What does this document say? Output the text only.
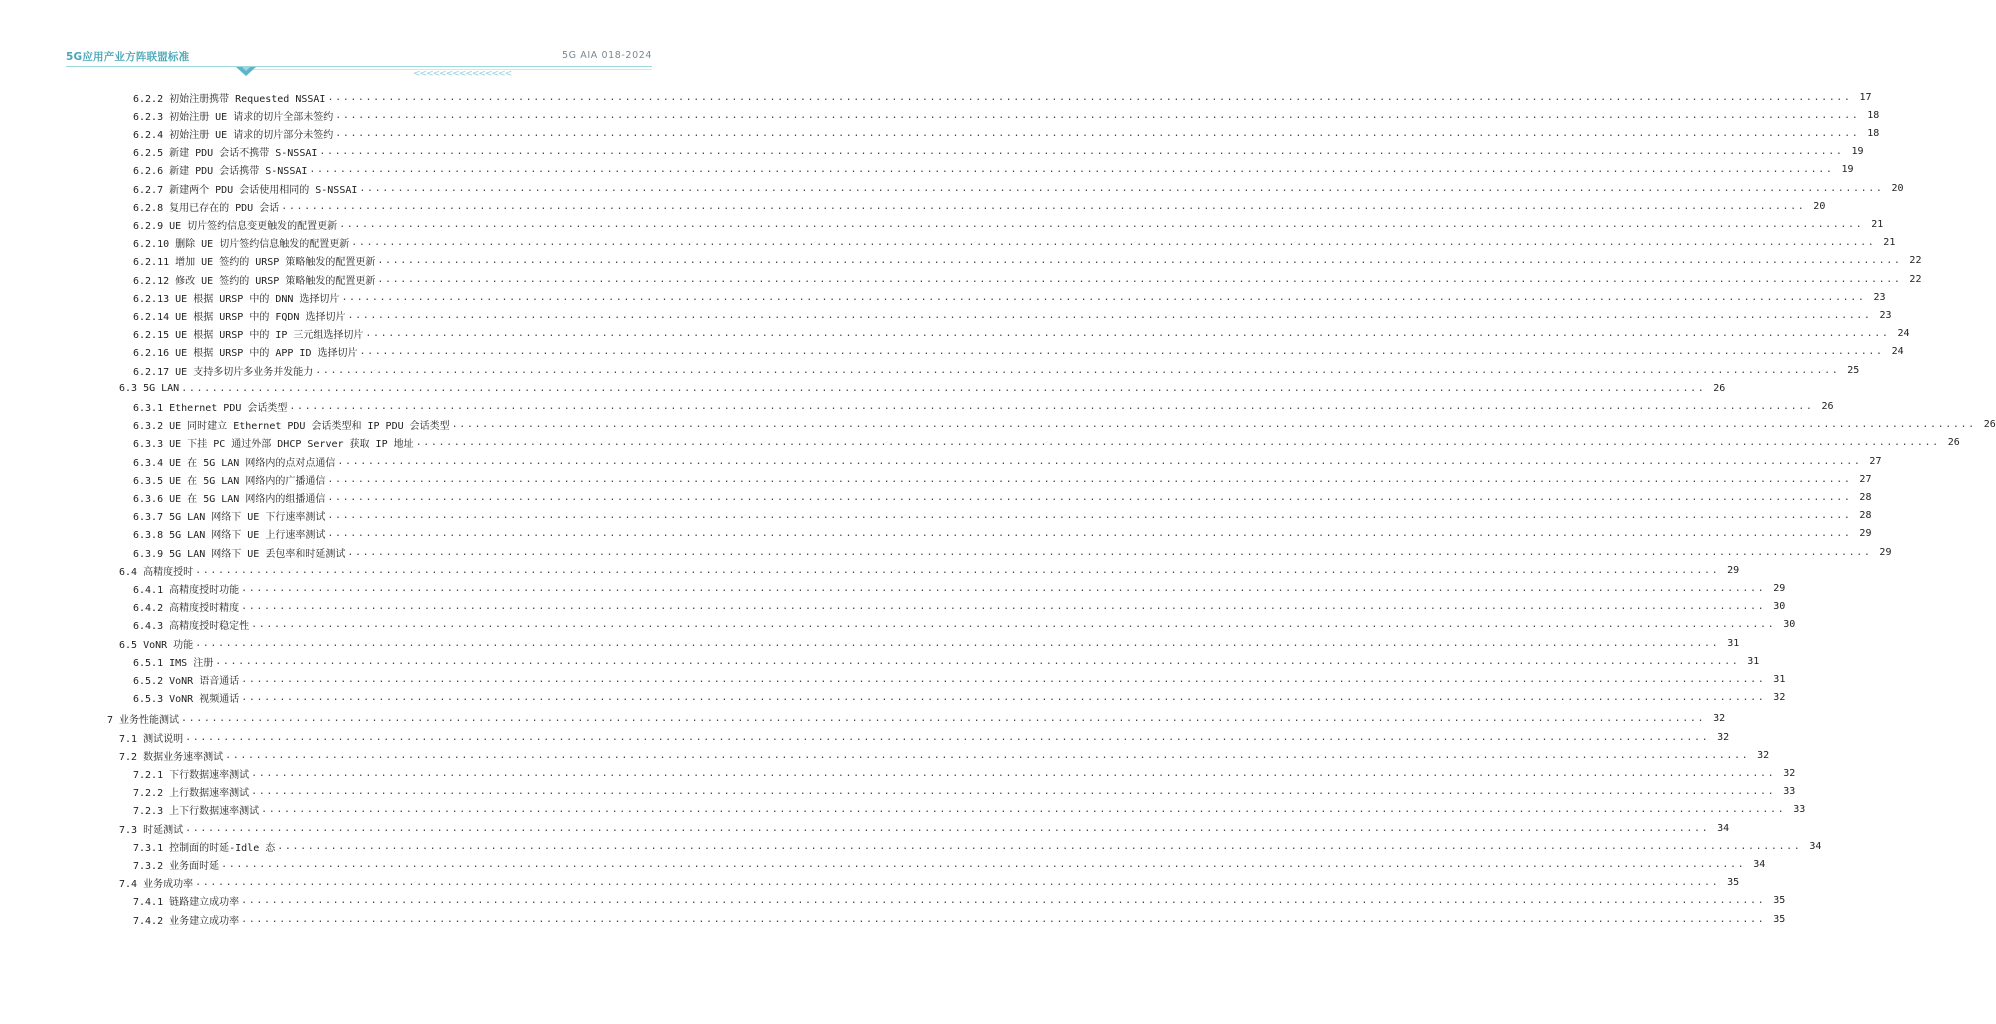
5G应用产业方阵联盟标准	5G AIA 018-2024
<<<<<<<<<<<<<<<
6.2.2 初始注册携带 Requested NSSAI ........................................................................................................................................................................................................ 17
6.2.3 初始注册 UE 请求的切片全部未签约 ........................................................................................................................................................................................................ 18
6.2.4 初始注册 UE 请求的切片部分未签约 ........................................................................................................................................................................................................ 18
6.2.5 新建 PDU 会话不携带 S-NSSAI ........................................................................................................................................................................................................ 19
6.2.6 新建 PDU 会话携带 S-NSSAI ........................................................................................................................................................................................................ 19
6.2.7 新建两个 PDU 会话使用相同的 S-NSSAI ........................................................................................................................................................................................................ 20
6.2.8 复用已存在的 PDU 会话 ........................................................................................................................................................................................................ 20
6.2.9 UE 切片签约信息变更触发的配置更新 ........................................................................................................................................................................................................ 21
6.2.10 删除 UE 切片签约信息触发的配置更新 ........................................................................................................................................................................................................ 21
6.2.11 增加 UE 签约的 URSP 策略触发的配置更新 ........................................................................................................................................................................................................ 22
6.2.12 修改 UE 签约的 URSP 策略触发的配置更新 ........................................................................................................................................................................................................ 22
6.2.13 UE 根据 URSP 中的 DNN 选择切片 ........................................................................................................................................................................................................ 23
6.2.14 UE 根据 URSP 中的 FQDN 选择切片 ........................................................................................................................................................................................................ 23
6.2.15 UE 根据 URSP 中的 IP 三元组选择切片 ........................................................................................................................................................................................................ 24
6.2.16 UE 根据 URSP 中的 APP ID 选择切片 ........................................................................................................................................................................................................ 24
6.2.17 UE 支持多切片多业务并发能力 ........................................................................................................................................................................................................ 25
6.3 5G LAN ........................................................................................................................................................................................................ 26
6.3.1 Ethernet PDU 会话类型 ........................................................................................................................................................................................................ 26
6.3.2 UE 同时建立 Ethernet PDU 会话类型和 IP PDU 会话类型 ........................................................................................................................................................................................................ 26
6.3.3 UE 下挂 PC 通过外部 DHCP Server 获取 IP 地址 ........................................................................................................................................................................................................ 26
6.3.4 UE 在 5G LAN 网络内的点对点通信 ........................................................................................................................................................................................................ 27
6.3.5 UE 在 5G LAN 网络内的广播通信 ........................................................................................................................................................................................................ 27
6.3.6 UE 在 5G LAN 网络内的组播通信 ........................................................................................................................................................................................................ 28
6.3.7 5G LAN 网络下 UE 下行速率测试 ........................................................................................................................................................................................................ 28
6.3.8 5G LAN 网络下 UE 上行速率测试 ........................................................................................................................................................................................................ 29
6.3.9 5G LAN 网络下 UE 丢包率和时延测试 ........................................................................................................................................................................................................ 29
6.4 高精度授时 ........................................................................................................................................................................................................ 29
6.4.1 高精度授时功能 ........................................................................................................................................................................................................ 29
6.4.2 高精度授时精度 ........................................................................................................................................................................................................ 30
6.4.3 高精度授时稳定性 ........................................................................................................................................................................................................ 30
6.5 VoNR 功能 ........................................................................................................................................................................................................ 31
6.5.1 IMS 注册 ........................................................................................................................................................................................................ 31
6.5.2 VoNR 语音通话 ........................................................................................................................................................................................................ 31
6.5.3 VoNR 视频通话 ........................................................................................................................................................................................................ 32
7 业务性能测试 ........................................................................................................................................................................................................ 32
7.1 测试说明 ........................................................................................................................................................................................................ 32
7.2 数据业务速率测试 ........................................................................................................................................................................................................ 32
7.2.1 下行数据速率测试 ........................................................................................................................................................................................................ 32
7.2.2 上行数据速率测试 ........................................................................................................................................................................................................ 33
7.2.3 上下行数据速率测试 ........................................................................................................................................................................................................ 33
7.3 时延测试 ........................................................................................................................................................................................................ 34
7.3.1 控制面的时延-Idle 态 ........................................................................................................................................................................................................ 34
7.3.2 业务面时延 ........................................................................................................................................................................................................ 34
7.4 业务成功率 ........................................................................................................................................................................................................ 35
7.4.1 链路建立成功率 ........................................................................................................................................................................................................ 35
7.4.2 业务建立成功率 ........................................................................................................................................................................................................ 35
